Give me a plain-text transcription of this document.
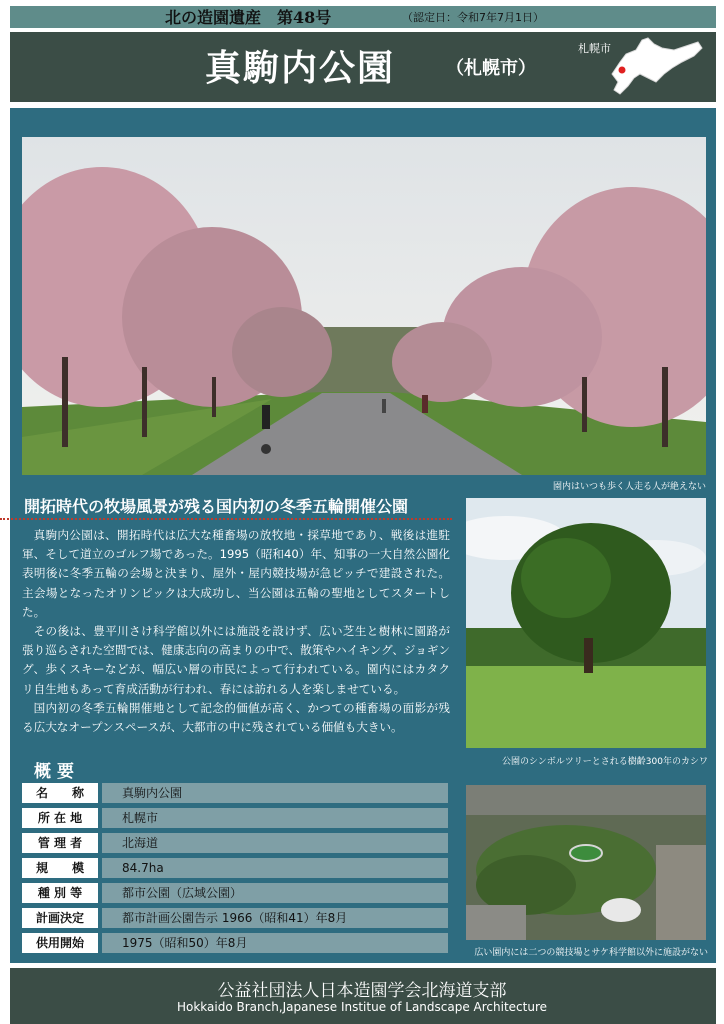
北の造園遺産　第48号	（認定日：令和7年7月1日）
真駒内公園	（札幌市）
札幌市
園内はいつも歩く人走る人が絶えない
開拓時代の牧場風景が残る国内初の冬季五輪開催公園

真駒内公園は、開拓時代は広大な種畜場の放牧地・採草地であり、戦後は進駐軍、そして道立のゴルフ場であった。1995（昭和40）年、知事の一大自然公園化表明後に冬季五輪の会場と決まり、屋外・屋内競技場が急ピッチで建設された。主会場となったオリンピックは大成功し、当公園は五輪の聖地としてスタートした。

その後は、豊平川さけ科学館以外には施設を設けず、広い芝生と樹林に園路が張り巡らされた空間では、健康志向の高まりの中で、散策やハイキング、ジョギング、歩くスキーなどが、幅広い層の市民によって行われている。園内にはカタクリ自生地もあって育成活動が行われ、春には訪れる人を楽しませている。

国内初の冬季五輪開催地として記念的価値が高く、かつての種畜場の面影が残る広大なオープンスペースが、大都市の中に残されている価値も大きい。

公園のシンボルツリーとされる樹齢300年のカシワ
広い園内には二つの競技場とサケ科学館以外に施設がない
概要
名　　称	真駒内公園
所 在 地	札幌市
管 理 者	北海道
規　　模	84.7ha
種 別 等	都市公園（広域公園）
計画決定	都市計画公園告示 1966（昭和41）年8月
供用開始	1975（昭和50）年8月
公益社団法人日本造園学会北海道支部
Hokkaido Branch,Japanese Institue of Landscape Architecture
